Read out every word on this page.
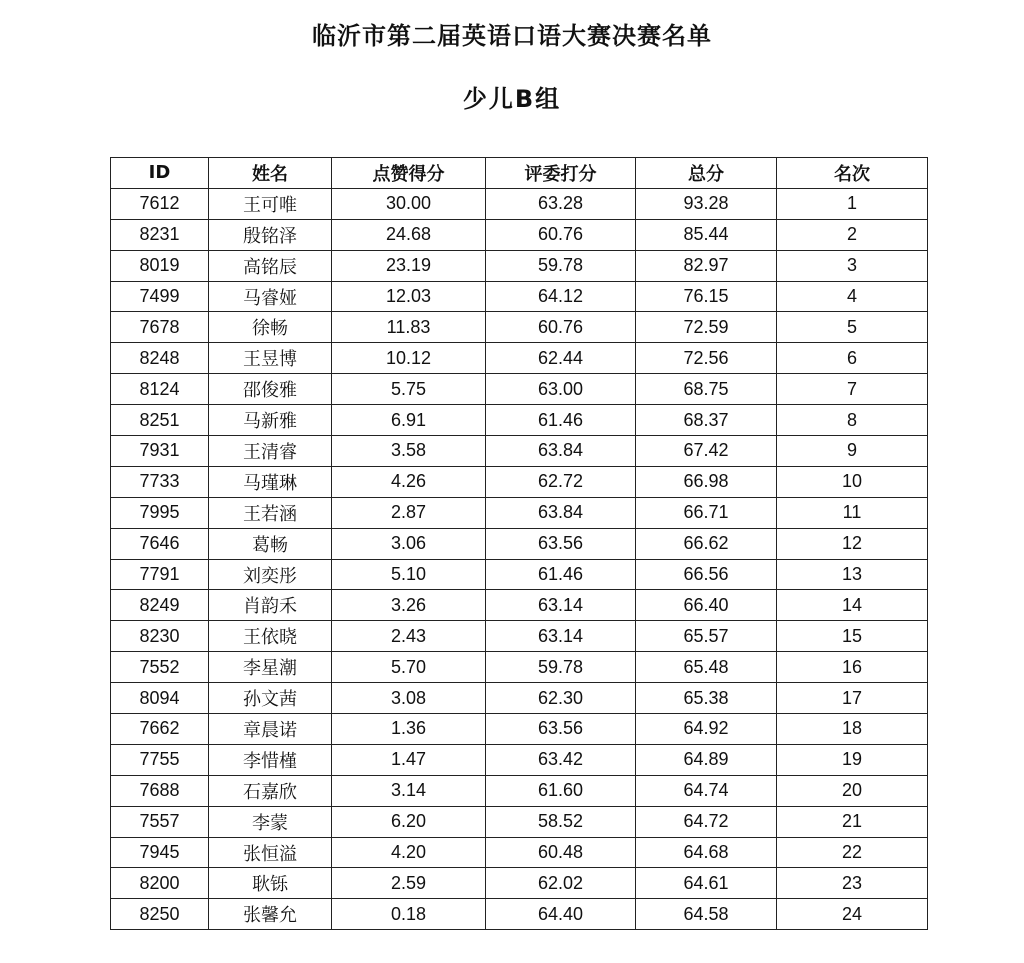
临沂市第二届英语口语大赛决赛名单
少儿B组
ID	姓名	点赞得分	评委打分	总分	名次
7612	王可唯	30.00	63.28	93.28	1
8231	殷铭泽	24.68	60.76	85.44	2
8019	高铭辰	23.19	59.78	82.97	3
7499	马睿娅	12.03	64.12	76.15	4
7678	徐畅	11.83	60.76	72.59	5
8248	王昱博	10.12	62.44	72.56	6
8124	邵俊雅	5.75	63.00	68.75	7
8251	马新雅	6.91	61.46	68.37	8
7931	王清睿	3.58	63.84	67.42	9
7733	马瑾琳	4.26	62.72	66.98	10
7995	王若涵	2.87	63.84	66.71	11
7646	葛畅	3.06	63.56	66.62	12
7791	刘奕彤	5.10	61.46	66.56	13
8249	肖韵禾	3.26	63.14	66.40	14
8230	王依晓	2.43	63.14	65.57	15
7552	李星潮	5.70	59.78	65.48	16
8094	孙文茜	3.08	62.30	65.38	17
7662	章晨诺	1.36	63.56	64.92	18
7755	李惜槿	1.47	63.42	64.89	19
7688	石嘉欣	3.14	61.60	64.74	20
7557	李蒙	6.20	58.52	64.72	21
7945	张恒溢	4.20	60.48	64.68	22
8200	耿铄	2.59	62.02	64.61	23
8250	张馨允	0.18	64.40	64.58	24
